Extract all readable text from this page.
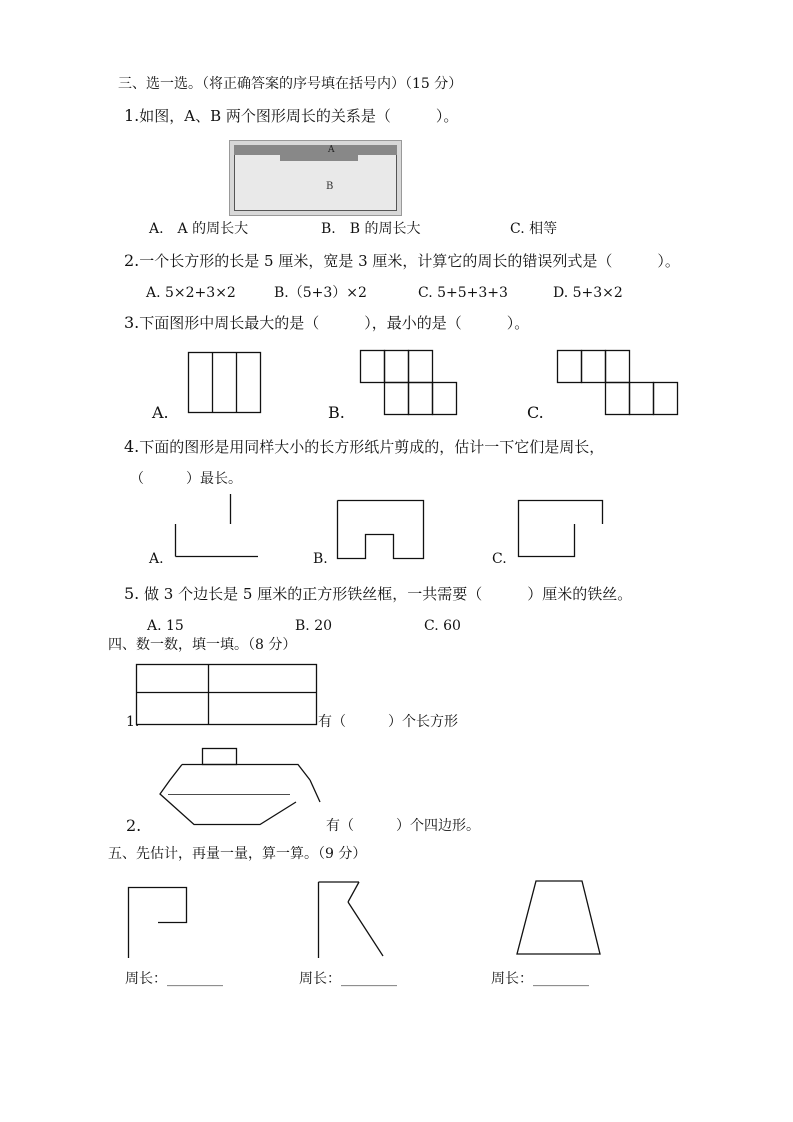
三、选一选。（将正确答案的序号填在括号内）（15 分）
1.如图，A、B 两个图形周长的关系是（　　　）。
A
B
A.　A 的周长大	B.　B 的周长大	C. 相等
2.一个长方形的长是 5 厘米，宽是 3 厘米，计算它的周长的错误列式是（　　　）。
A. 5×2+3×2	B.（5+3）×2	C. 5+5+3+3	D. 5+3×2
3.下面图形中周长最大的是（　　　），最小的是（　　　）。
A.	B.	C.
4.下面的图形是用同样大小的长方形纸片剪成的，估计一下它们是周长，
（　　　）最长。
A.	B.	C.
5. 做 3 个边长是 5 厘米的正方形铁丝框，一共需要（　　　）厘米的铁丝。
A. 15	B. 20	C. 60
四、数一数，填一填。（8 分）
1.	有（　　　）个长方形
2.	有（　　　）个四边形。
五、先估计，再量一量，算一算。（9 分）
周长：________	周长：________	周长：________
